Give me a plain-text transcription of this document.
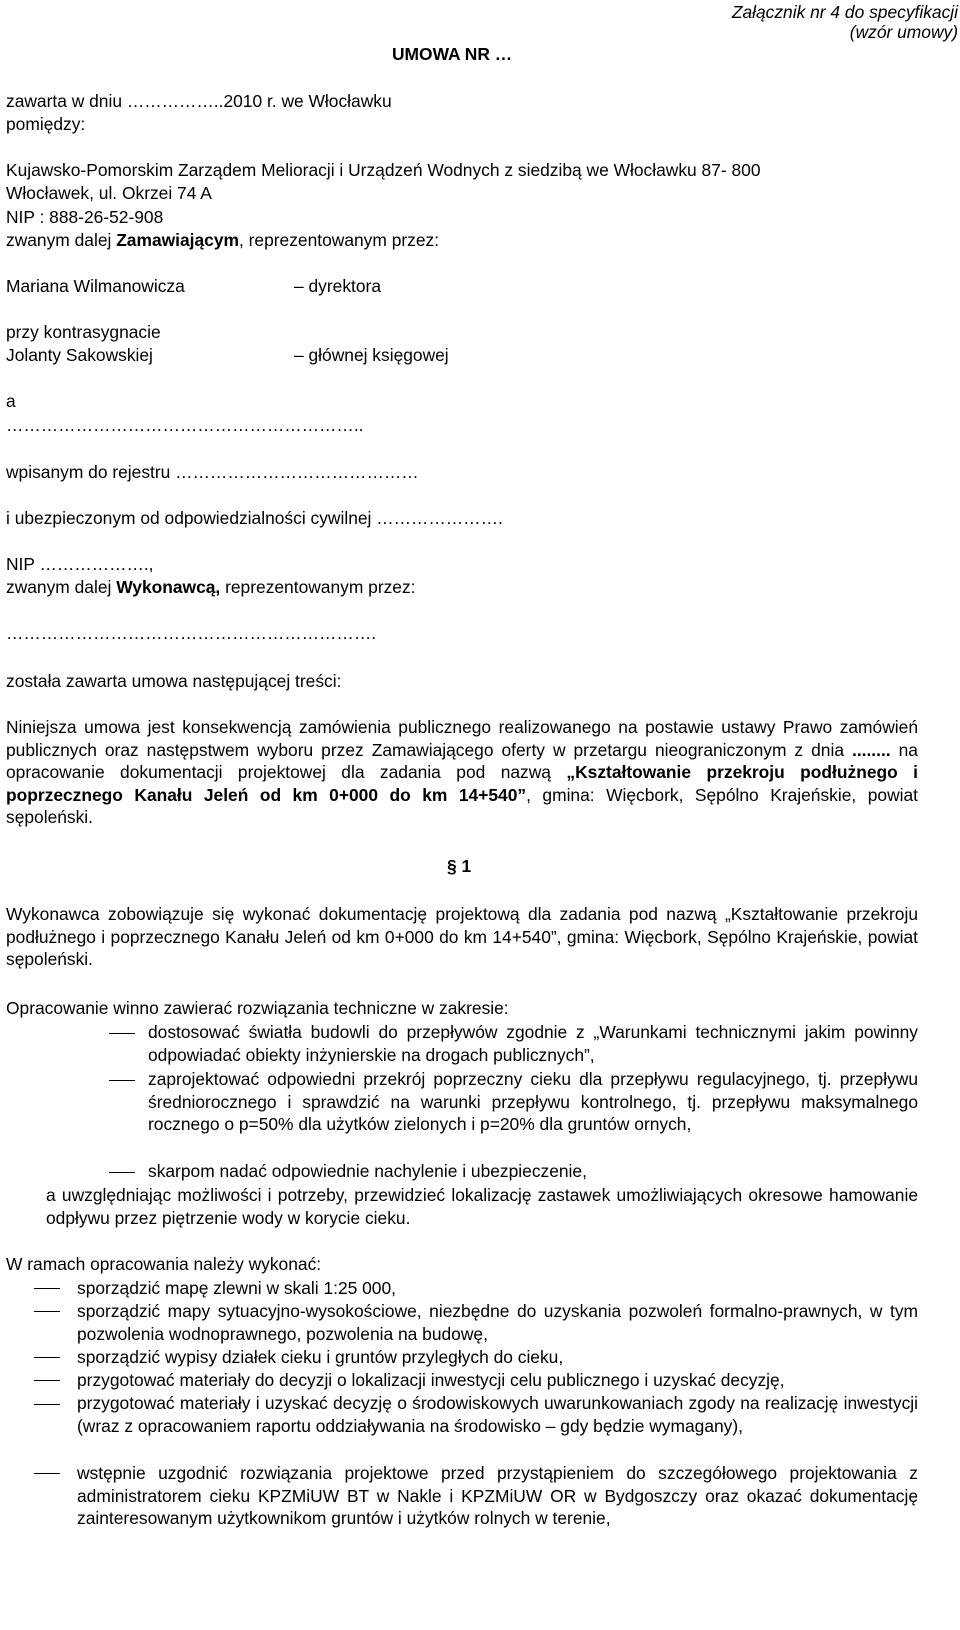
Załącznik nr 4 do specyfikacji
(wzór umowy)
UMOWA NR …
zawarta w dniu ……………..2010 r. we Włocławku
pomiędzy:
Kujawsko-Pomorskim Zarządem Melioracji i Urządzeń Wodnych z siedzibą we Włocławku 87- 800
Włocławek, ul. Okrzei 74 A
NIP : 888-26-52-908
zwanym dalej Zamawiającym, reprezentowanym przez:
Mariana Wilmanowicza	– dyrektora
przy kontrasygnacie
Jolanty Sakowskiej	– głównej księgowej
a
……………………………………………………..
wpisanym do rejestru ……………………………………
i ubezpieczonym od odpowiedzialności cywilnej ………………….
NIP ……………….,
zwanym dalej Wykonawcą, reprezentowanym przez:
……………………………………………………….
została zawarta umowa następującej treści:
Niniejsza umowa jest konsekwencją zamówienia publicznego realizowanego na postawie ustawy Prawo zamówień publicznych oraz następstwem wyboru przez Zamawiającego oferty w przetargu nieograniczonym z dnia ........ na opracowanie dokumentacji projektowej dla zadania pod nazwą „Kształtowanie przekroju podłużnego i poprzecznego Kanału Jeleń od km 0+000 do km 14+540”, gmina: Więcbork, Sępólno Krajeńskie, powiat sępoleński.
§ 1
Wykonawca zobowiązuje się wykonać dokumentację projektową dla zadania pod nazwą „Kształtowanie przekroju podłużnego i poprzecznego Kanału Jeleń od km 0+000 do km 14+540”, gmina: Więcbork, Sępólno Krajeńskie, powiat sępoleński.
Opracowanie winno zawierać rozwiązania techniczne w zakresie:
dostosować światła budowli do przepływów zgodnie z „Warunkami technicznymi jakim powinny odpowiadać obiekty inżynierskie na drogach publicznych”,
zaprojektować odpowiedni przekrój poprzeczny cieku dla przepływu regulacyjnego, tj. przepływu średniorocznego i sprawdzić na warunki przepływu kontrolnego, tj. przepływu maksymalnego rocznego o p=50% dla użytków zielonych i p=20% dla gruntów ornych,
skarpom nadać odpowiednie nachylenie i ubezpieczenie,
a uwzględniając możliwości i potrzeby, przewidzieć lokalizację zastawek umożliwiających okresowe hamowanie odpływu przez piętrzenie wody w korycie cieku.
W ramach opracowania należy wykonać:
sporządzić mapę zlewni w skali 1:25 000,
sporządzić mapy sytuacyjno-wysokościowe, niezbędne do uzyskania pozwoleń formalno-prawnych, w tym pozwolenia wodnoprawnego, pozwolenia na budowę,
sporządzić wypisy działek cieku i gruntów przyległych do cieku,
przygotować materiały do decyzji o lokalizacji inwestycji celu publicznego i uzyskać decyzję,
przygotować materiały i uzyskać decyzję o środowiskowych uwarunkowaniach zgody na realizację inwestycji (wraz z opracowaniem raportu oddziaływania na środowisko – gdy będzie wymagany),
wstępnie uzgodnić rozwiązania projektowe przed przystąpieniem do szczegółowego projektowania z administratorem cieku KPZMiUW BT w Nakle i KPZMiUW OR w Bydgoszczy oraz okazać dokumentację zainteresowanym użytkownikom gruntów i użytków rolnych w terenie,
